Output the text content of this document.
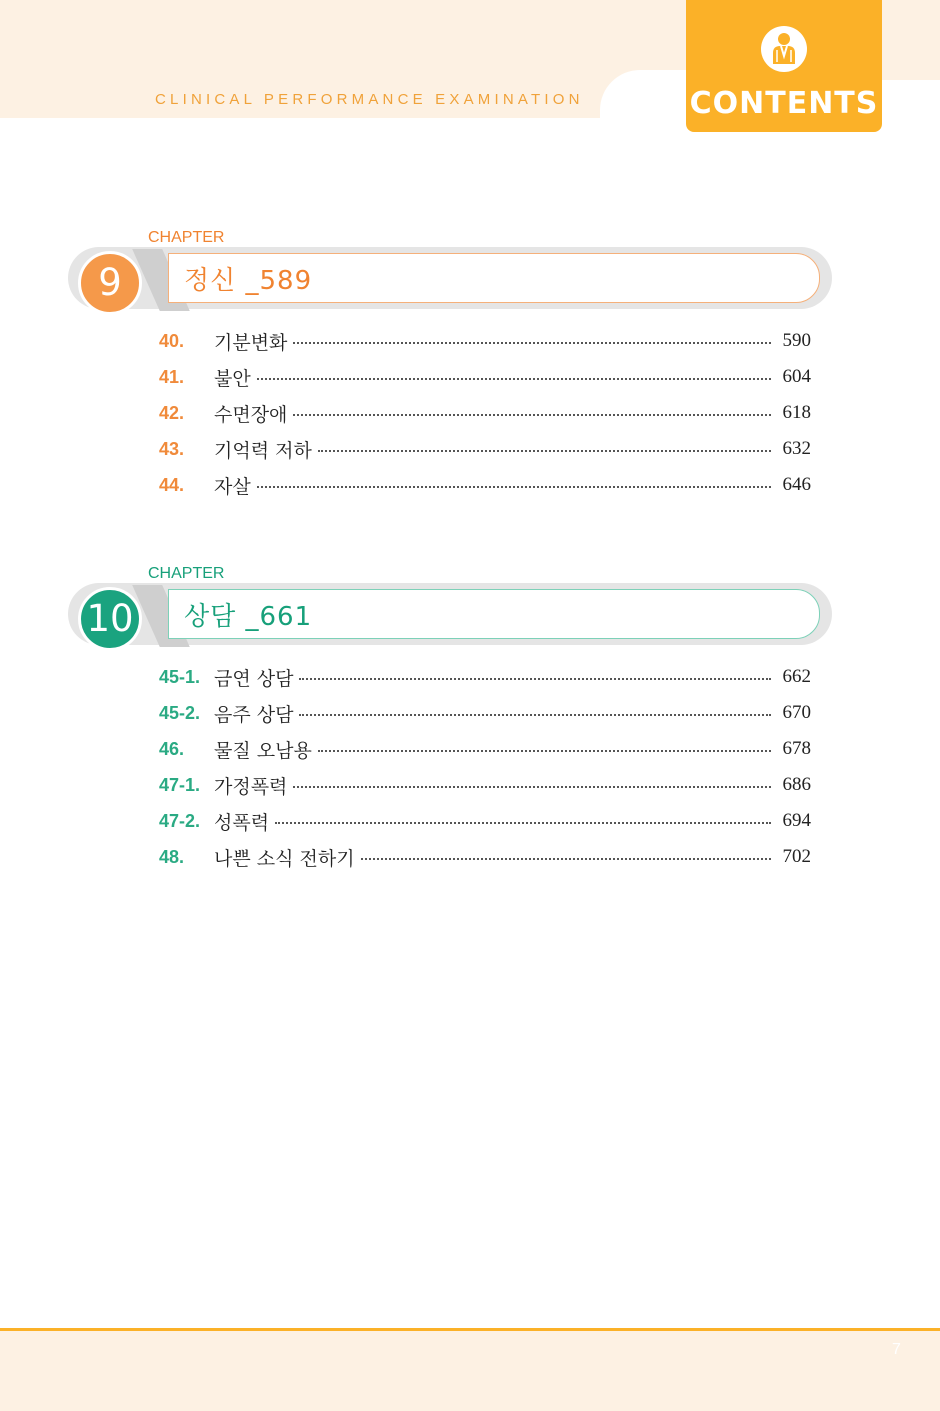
CLINICAL PERFORMANCE EXAMINATION	CONTENTS
9
CHAPTER
정신 _589
40.	기분변화	590
41.	불안	604
42.	수면장애	618
43.	기억력 저하	632
44.	자살	646
10
CHAPTER
상담 _661
45-1. 금연 상담	662
45-2. 음주 상담	670
46.	물질 오남용	678
47-1. 가정폭력	686
47-2. 성폭력	694
48.	나쁜 소식 전하기	702
7
